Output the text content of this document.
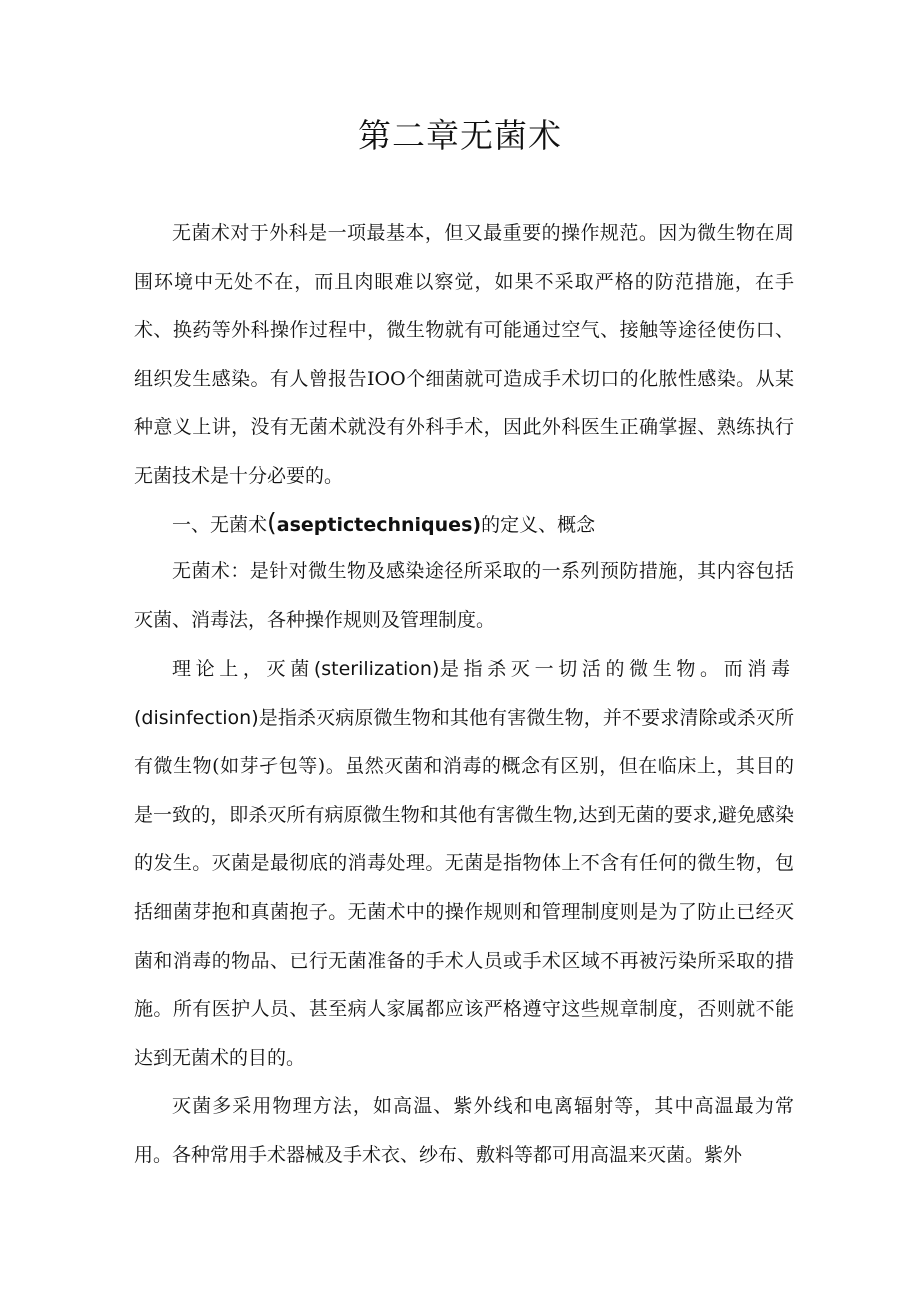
第二章无菌术

无菌术对于外科是一项最基本，但又最重要的操作规范。因为微生物在周围环境中无处不在，而且肉眼难以察觉，如果不采取严格的防范措施，在手术、换药等外科操作过程中，微生物就有可能通过空气、接触等途径使伤口、组织发生感染。有人曾报告IOO个细菌就可造成手术切口的化脓性感染。从某种意义上讲，没有无菌术就没有外科手术，因此外科医生正确掌握、熟练执行无菌技术是十分必要的。

一、无菌术(aseptictechniques)的定义、概念

无菌术：是针对微生物及感染途径所采取的一系列预防措施，其内容包括灭菌、消毒法，各种操作规则及管理制度。

理论上，灭菌(sterilization)是指杀灭一切活的微生物。而消毒(disinfection)是指杀灭病原微生物和其他有害微生物，并不要求清除或杀灭所有微生物(如芽孑包等)。虽然灭菌和消毒的概念有区别，但在临床上，其目的是一致的，即杀灭所有病原微生物和其他有害微生物,达到无菌的要求,避免感染的发生。灭菌是最彻底的消毒处理。无菌是指物体上不含有任何的微生物，包括细菌芽抱和真菌抱子。无菌术中的操作规则和管理制度则是为了防止已经灭菌和消毒的物品、已行无菌准备的手术人员或手术区域不再被污染所采取的措施。所有医护人员、甚至病人家属都应该严格遵守这些规章制度，否则就不能达到无菌术的目的。

灭菌多采用物理方法，如高温、紫外线和电离辐射等，其中高温最为常用。各种常用手术器械及手术衣、纱布、敷料等都可用高温来灭菌。紫外
